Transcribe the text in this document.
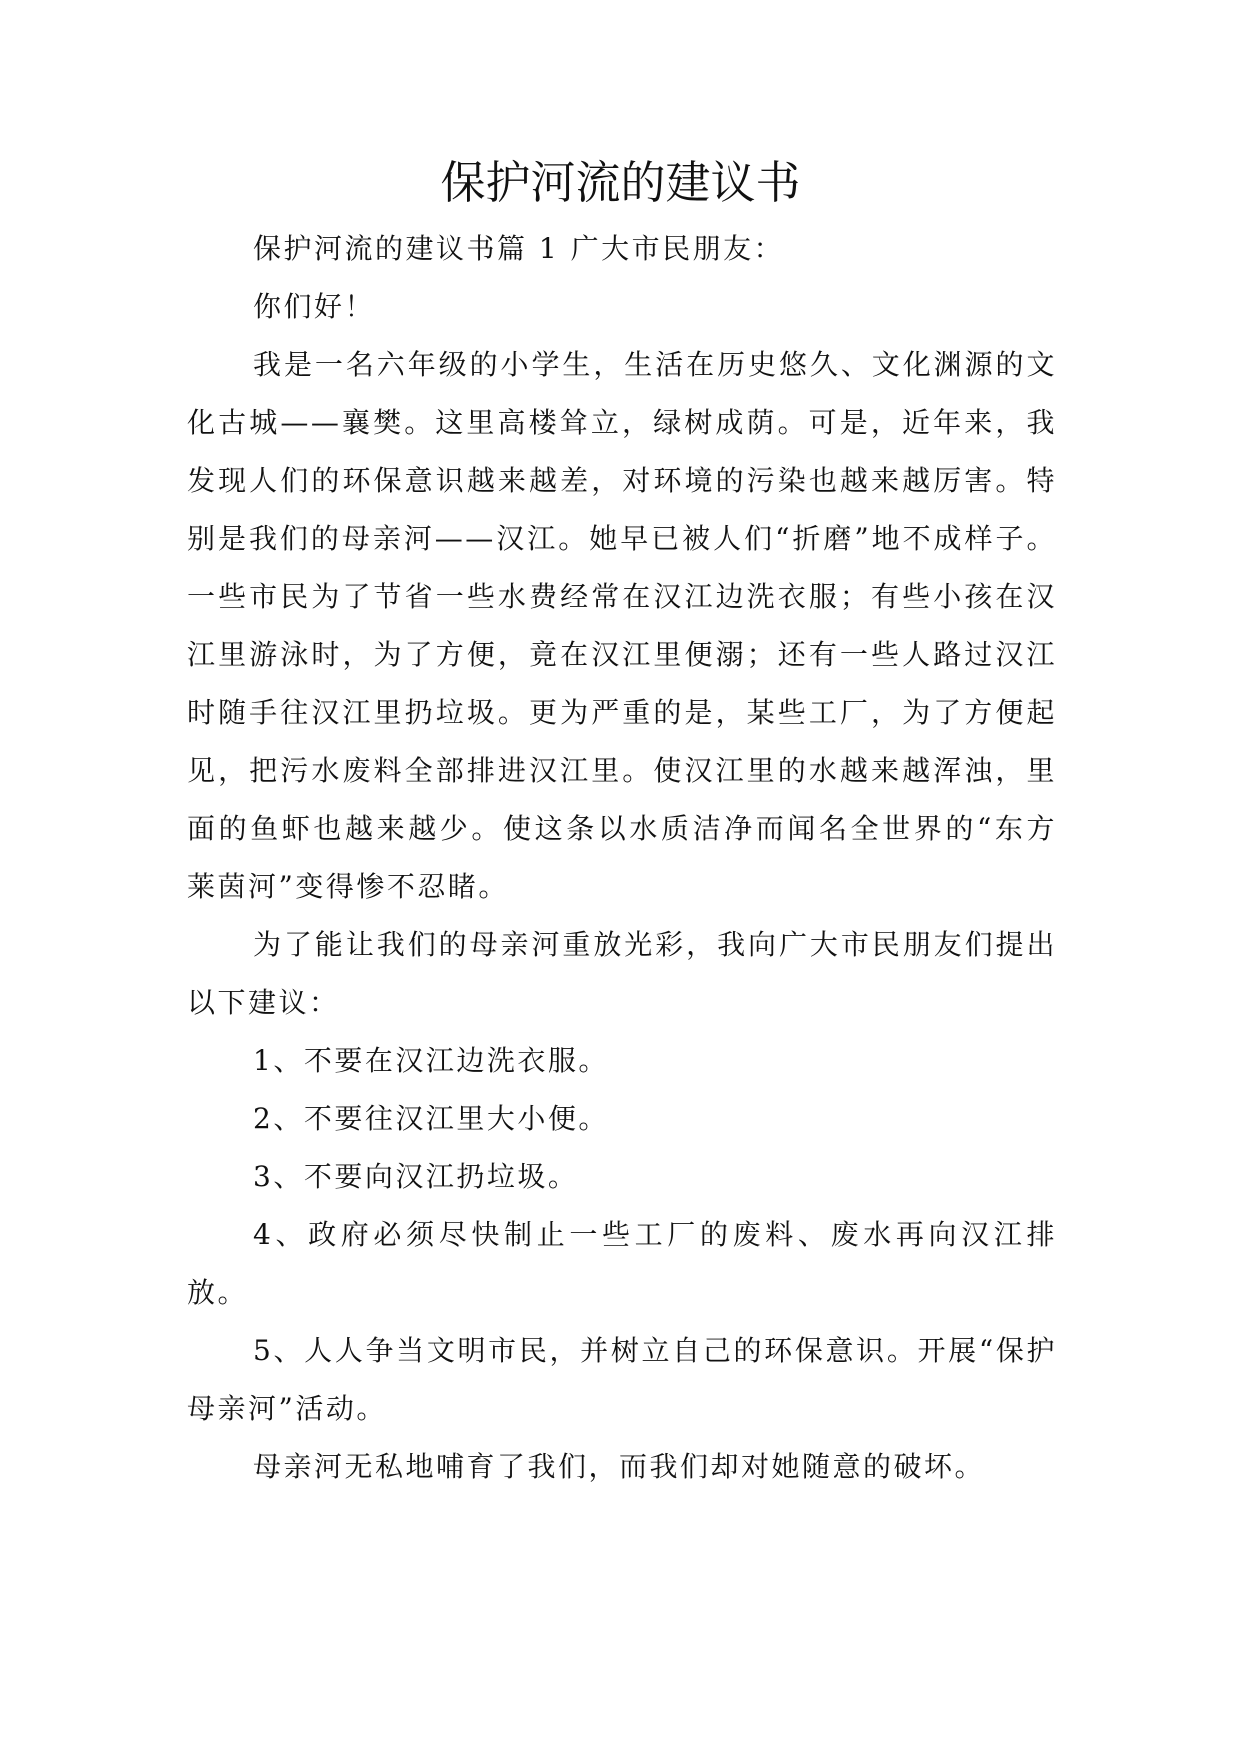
保护河流的建议书

保护河流的建议书篇 1 广大市民朋友：

你们好！

我是一名六年级的小学生，生活在历史悠久、文化渊源的文化古城——襄樊。这里高楼耸立，绿树成荫。可是，近年来，我发现人们的环保意识越来越差，对环境的污染也越来越厉害。特别是我们的母亲河——汉江。她早已被人们“折磨”地不成样子。一些市民为了节省一些水费经常在汉江边洗衣服；有些小孩在汉江里游泳时，为了方便，竟在汉江里便溺；还有一些人路过汉江时随手往汉江里扔垃圾。更为严重的是，某些工厂，为了方便起见，把污水废料全部排进汉江里。使汉江里的水越来越浑浊，里面的鱼虾也越来越少。使这条以水质洁净而闻名全世界的“东方莱茵河”变得惨不忍睹。

为了能让我们的母亲河重放光彩，我向广大市民朋友们提出以下建议：

1、不要在汉江边洗衣服。

2、不要往汉江里大小便。

3、不要向汉江扔垃圾。

4、政府必须尽快制止一些工厂的废料、废水再向汉江排放。

5、人人争当文明市民，并树立自己的环保意识。开展“保护母亲河”活动。

母亲河无私地哺育了我们，而我们却对她随意的破坏。
